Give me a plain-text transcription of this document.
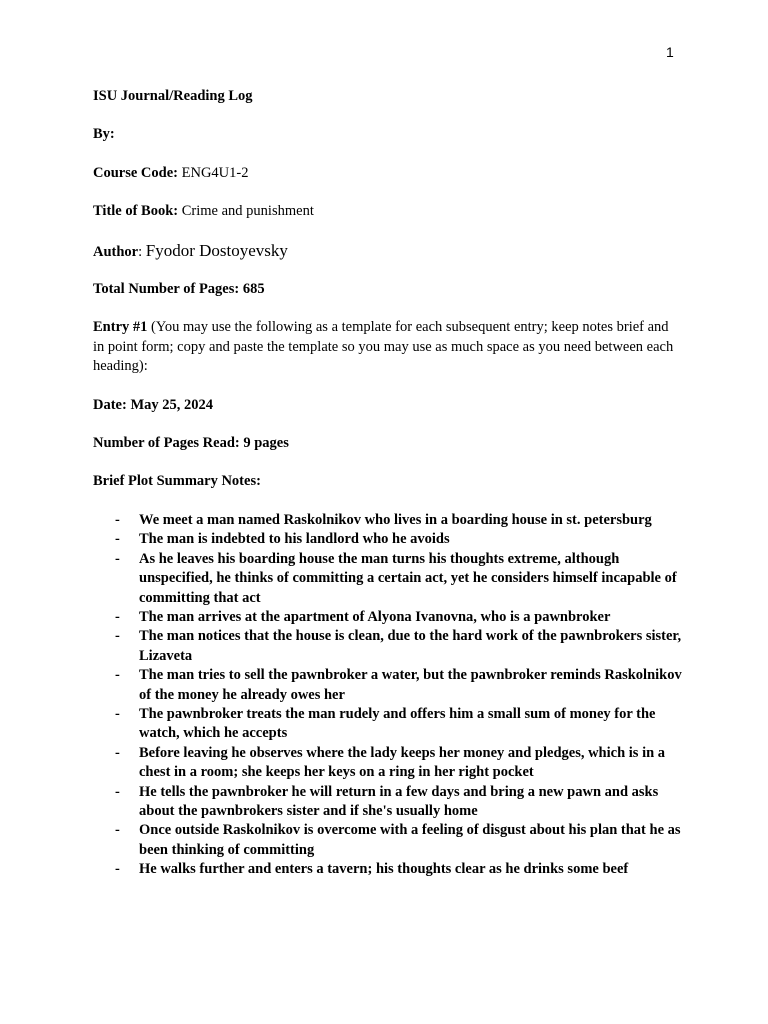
1

ISU Journal/Reading Log

By:

Course Code: ENG4U1-2

Title of Book: Crime and punishment

Author: Fyodor Dostoyevsky

Total Number of Pages: 685

Entry #1 (You may use the following as a template for each subsequent entry; keep notes brief and in point form; copy and paste the template so you may use as much space as you need between each heading):

Date: May 25, 2024

Number of Pages Read: 9 pages

Brief Plot Summary Notes:

- We meet a man named Raskolnikov who lives in a boarding house in st. petersburg
- The man is indebted to his landlord who he avoids
- As he leaves his boarding house the man turns his thoughts extreme, although unspecified, he thinks of committing a certain act, yet he considers himself incapable of committing that act
- The man arrives at the apartment of Alyona Ivanovna, who is a pawnbroker
- The man notices that the house is clean, due to the hard work of the pawnbrokers sister, Lizaveta
- The man tries to sell the pawnbroker a water, but the pawnbroker reminds Raskolnikov of the money he already owes her
- The pawnbroker treats the man rudely and offers him a small sum of money for the watch, which he accepts
- Before leaving he observes where the lady keeps her money and pledges, which is in a chest in a room; she keeps her keys on a ring in her right pocket
- He tells the pawnbroker he will return in a few days and bring a new pawn and asks about the pawnbrokers sister and if she's usually home
- Once outside Raskolnikov is overcome with a feeling of disgust about his plan that he as been thinking of committing
- He walks further and enters a tavern; his thoughts clear as he drinks some beef
